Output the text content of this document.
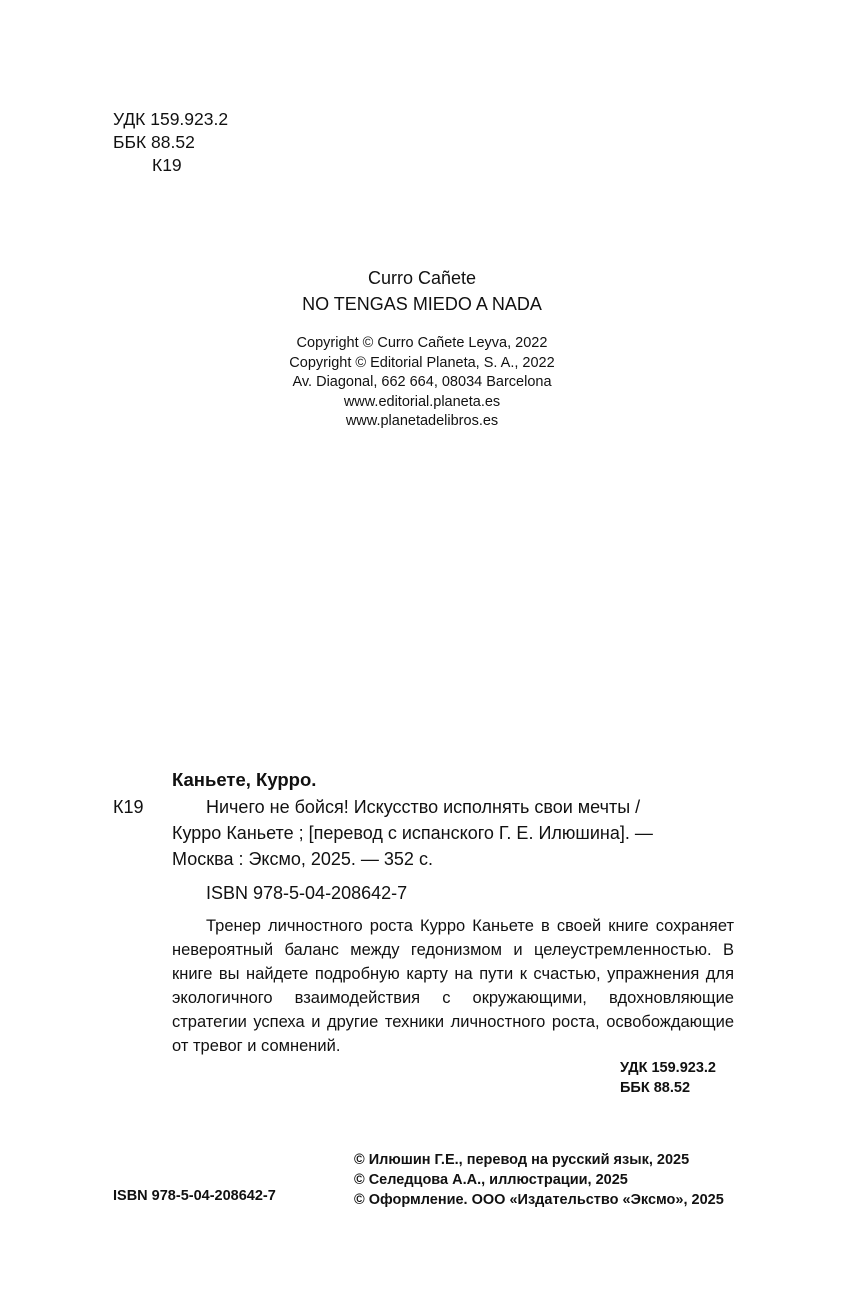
УДК 159.923.2
ББК 88.52
К19
Curro Cañete
NO TENGAS MIEDO A NADA
Copyright © Curro Cañete Leyva, 2022
Copyright © Editorial Planeta, S. A., 2022
Av. Diagonal, 662 664, 08034 Barcelona
www.editorial.planeta.es
www.planetadelibros.es
Каньете, Курро.
К19	Ничего не бойся! Искусство исполнять свои мечты /
Курро Каньете ; [перевод с испанского Г. Е. Илюшина]. —
Москва : Эксмо, 2025. — 352 с.
ISBN 978-5-04-208642-7

Тренер личностного роста Курро Каньете в своей книге сохраняет невероятный баланс между гедонизмом и целеустремленностью. В книге вы найдете подробную карту на пути к счастью, упражнения для экологичного взаимодействия с окружающими, вдохновляющие стратегии успеха и другие техники личностного роста, освобождающие от тревог и сомнений.

УДК 159.923.2
ББК 88.52
ISBN 978-5-04-208642-7
© Илюшин Г.Е., перевод на русский язык, 2025
© Селедцова А.А., иллюстрации, 2025
© Оформление. ООО «Издательство «Эксмо», 2025
